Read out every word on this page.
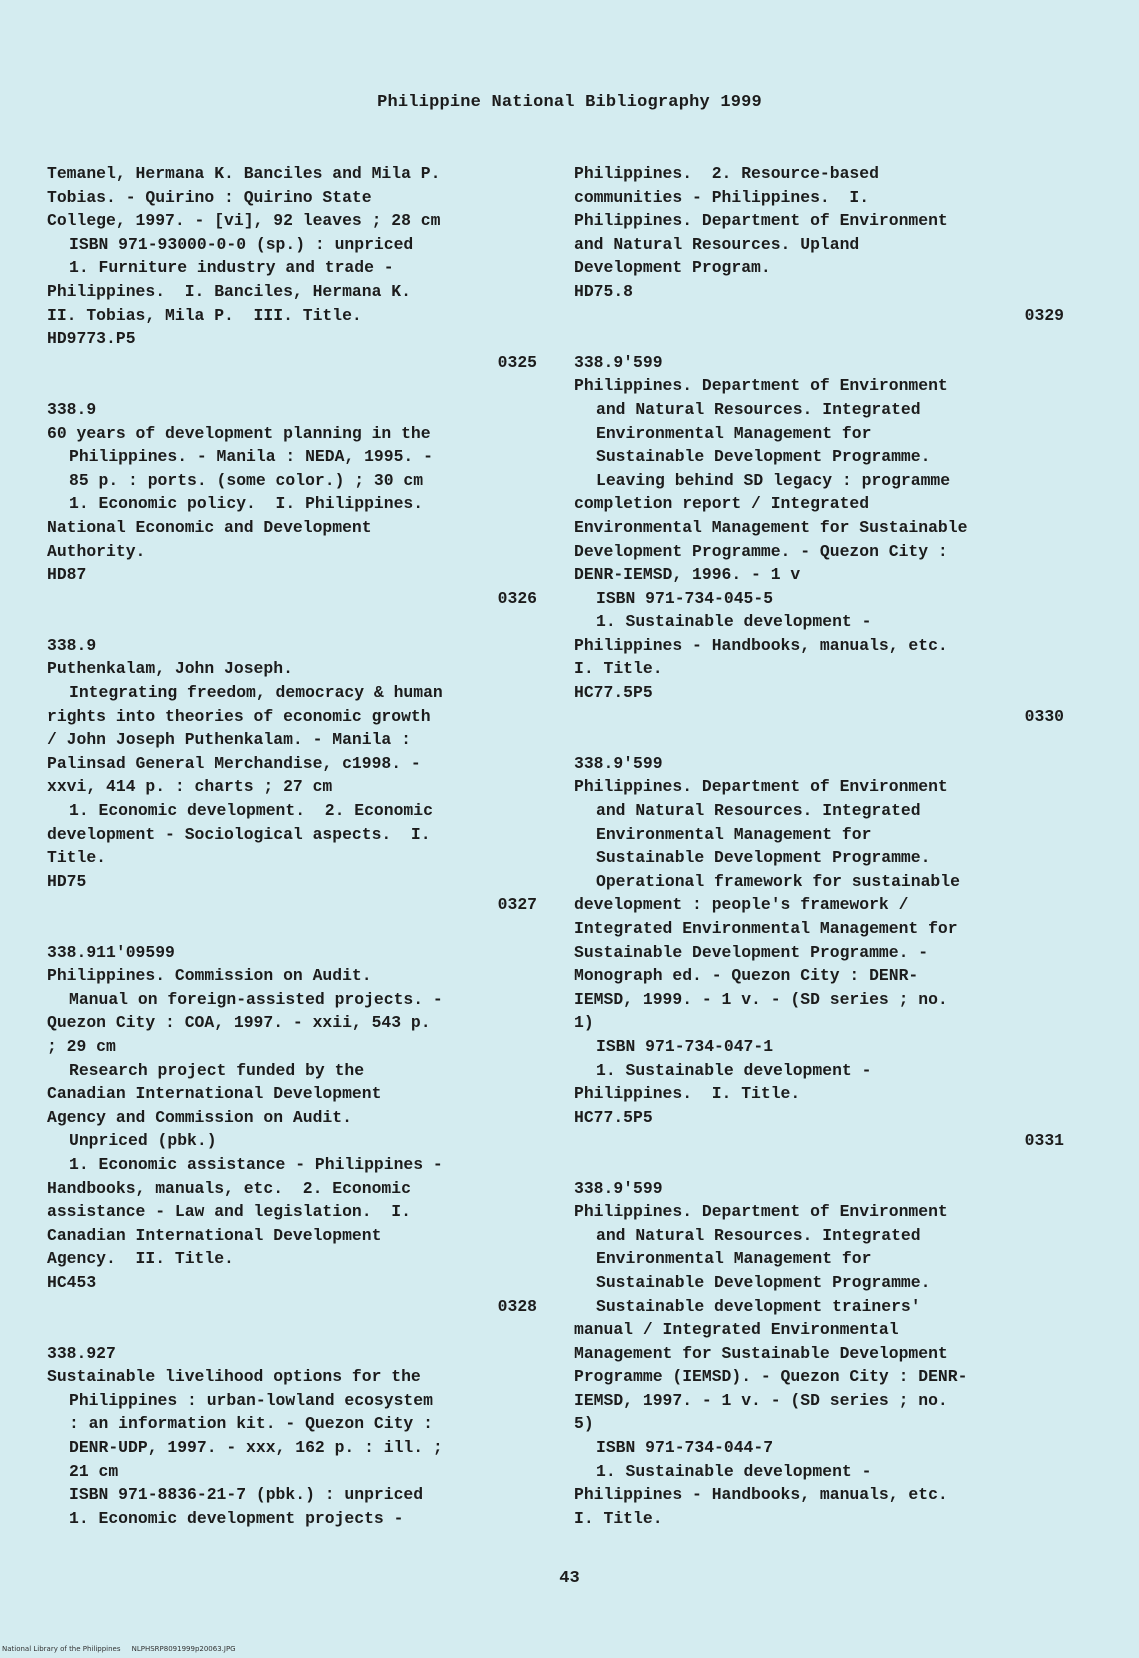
Philippine National Bibliography 1999
Temanel, Hermana K. Banciles and Mila P.
Tobias. - Quirino : Quirino State
College, 1997. - [vi], 92 leaves ; 28 cm
ISBN 971-93000-0-0 (sp.) : unpriced
1. Furniture industry and trade -
Philippines.  I. Banciles, Hermana K.
II. Tobias, Mila P.  III. Title.
HD9773.P5
0325
338.9
60 years of development planning in the
Philippines. - Manila : NEDA, 1995. -
85 p. : ports. (some color.) ; 30 cm
1. Economic policy.  I. Philippines.
National Economic and Development
Authority.
HD87
0326
338.9
Puthenkalam, John Joseph.
Integrating freedom, democracy & human
rights into theories of economic growth
/ John Joseph Puthenkalam. - Manila :
Palinsad General Merchandise, c1998. -
xxvi, 414 p. : charts ; 27 cm
1. Economic development.  2. Economic
development - Sociological aspects.  I.
Title.
HD75
0327
338.911'09599
Philippines. Commission on Audit.
Manual on foreign-assisted projects. -
Quezon City : COA, 1997. - xxii, 543 p.
; 29 cm
Research project funded by the
Canadian International Development
Agency and Commission on Audit.
Unpriced (pbk.)
1. Economic assistance - Philippines -
Handbooks, manuals, etc.  2. Economic
assistance - Law and legislation.  I.
Canadian International Development
Agency.  II. Title.
HC453
0328
338.927
Sustainable livelihood options for the
Philippines : urban-lowland ecosystem
: an information kit. - Quezon City :
DENR-UDP, 1997. - xxx, 162 p. : ill. ;
21 cm
ISBN 971-8836-21-7 (pbk.) : unpriced
1. Economic development projects -
Philippines.  2. Resource-based
communities - Philippines.  I.
Philippines. Department of Environment
and Natural Resources. Upland
Development Program.
HD75.8
0329
338.9'599
Philippines. Department of Environment
and Natural Resources. Integrated
Environmental Management for
Sustainable Development Programme.
Leaving behind SD legacy : programme
completion report / Integrated
Environmental Management for Sustainable
Development Programme. - Quezon City :
DENR-IEMSD, 1996. - 1 v
ISBN 971-734-045-5
1. Sustainable development -
Philippines - Handbooks, manuals, etc.
I. Title.
HC77.5P5
0330
338.9'599
Philippines. Department of Environment
and Natural Resources. Integrated
Environmental Management for
Sustainable Development Programme.
Operational framework for sustainable
development : people's framework /
Integrated Environmental Management for
Sustainable Development Programme. -
Monograph ed. - Quezon City : DENR-
IEMSD, 1999. - 1 v. - (SD series ; no.
1)
ISBN 971-734-047-1
1. Sustainable development -
Philippines.  I. Title.
HC77.5P5
0331
338.9'599
Philippines. Department of Environment
and Natural Resources. Integrated
Environmental Management for
Sustainable Development Programme.
Sustainable development trainers'
manual / Integrated Environmental
Management for Sustainable Development
Programme (IEMSD). - Quezon City : DENR-
IEMSD, 1997. - 1 v. - (SD series ; no.
5)
ISBN 971-734-044-7
1. Sustainable development -
Philippines - Handbooks, manuals, etc.
I. Title.
43
National Library of the Philippines     NLPHSRP8091999p20063.JPG
